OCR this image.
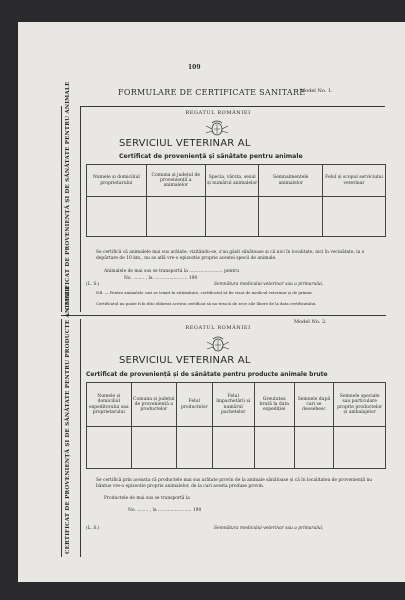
109
FORMULARE DE CERTIFICATE SANITARE
Model No. 1.
CERTIFICAT DE PROVENIENȚĂ ȘI DE SĂNĂTATE PENTRU ANIMALE	REGATUL ROMÂNIEI
SERVICIUL VETERINAR AL
Certificat de proveniență și sănătate pentru animale
Numele și domiciliul proprietarului	Comuna și județul de proveniență a animalelor	Specia, vârsta, sexul și numărul animalelor	Semnalmentele animalelor	Felul și scopul serviciului veterinar

Se certifică că animalele mai sus arătate, vizitându-se, s'au găsit sănătoase și că nici în localitate, nici în vecinătate, la o depărtare de 10 km., nu se află vre-o epizootie proprie acestei specii de animale.
Animalele de mai sus se transportă la ........................ pentru
No. ........ , la ........................ 190
(L. S.)	Semnătura medicului-veterinar sau a primarului,
NB. — Pentru animalele cari se trimit în străinătate, certificatul să fie vizat de medicul veterinar și de primar.
Certificatul nu poate fi în dito eliberat acestui certificat să nu treacă de zece zile libere de la data certificatului.
Model No. 2.
CERTIFICAT DE PROVENIENȚĂ ȘI DE SĂNĂTATE PENTRU PRODUCTE ANIMALE	REGATUL ROMÂNIEI
SERVICIUL VETERINAR AL
Certificat de proveniență și de sănătate pentru producte animale brute
Numele și domiciliul expeditorului sau proprietarului	Comuna și județul de proveniență a productelor	Felul productelor	Felul împachetării și numărul pachetelor	Greutatea brută la data expediției	Semnele după cari se deosebesc	Semnele speciale sau particulare proprie productelor și ambalajelor

Se certifică prin aceasta că productele mai sus arătate provin de la animale sănătoase și că în localitatea de proveniență nu bântue vre-o epizootie proprie animalelor, de la cari acesta produse provin.
Productele de mai sus se transportă la
No. ........ , la ........................ 190
(L. S.)	Semnătura medicului-veterinar sau a primarului,
